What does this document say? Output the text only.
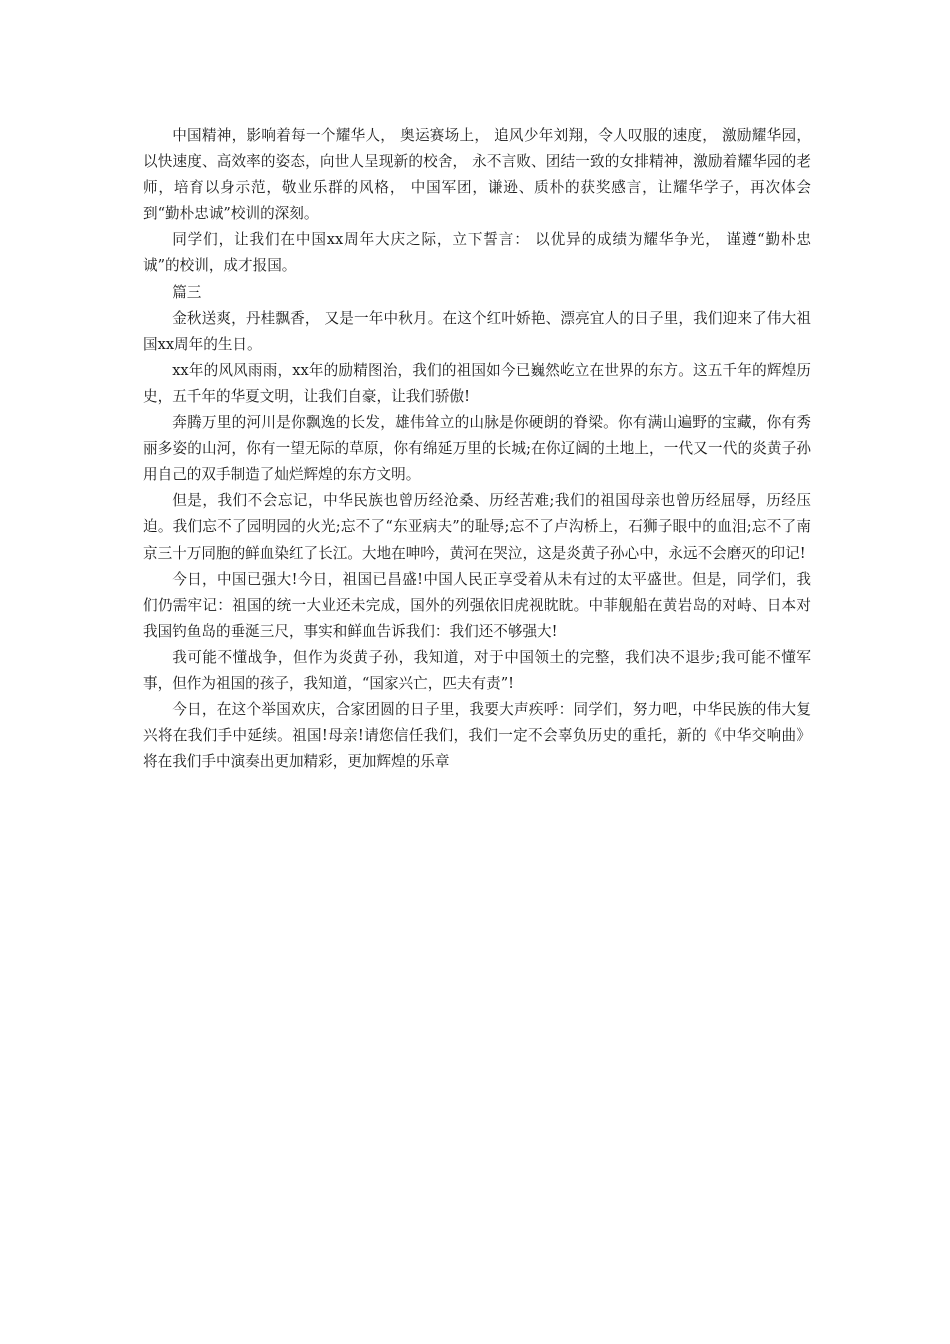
中国精神，影响着每一个耀华人， 奥运赛场上， 追风少年刘翔，令人叹服的速度， 激励耀华园，以快速度、高效率的姿态，向世人呈现新的校舍， 永不言败、团结一致的女排精神，激励着耀华园的老师，培育以身示范，敬业乐群的风格， 中国军团，谦逊、质朴的获奖感言，让耀华学子，再次体会到“勤朴忠诚”校训的深刻。

同学们，让我们在中国xx周年大庆之际，立下誓言： 以优异的成绩为耀华争光， 谨遵“勤朴忠诚”的校训，成才报国。

篇三

金秋送爽，丹桂飘香， 又是一年中秋月。在这个红叶娇艳、漂亮宜人的日子里，我们迎来了伟大祖国xx周年的生日。

xx年的风风雨雨，xx年的励精图治，我们的祖国如今已巍然屹立在世界的东方。这五千年的辉煌历史，五千年的华夏文明，让我们自豪，让我们骄傲!

奔腾万里的河川是你飘逸的长发，雄伟耸立的山脉是你硬朗的脊梁。你有满山遍野的宝藏，你有秀丽多姿的山河，你有一望无际的草原，你有绵延万里的长城;在你辽阔的土地上，一代又一代的炎黄子孙用自己的双手制造了灿烂辉煌的东方文明。

但是，我们不会忘记，中华民族也曾历经沧桑、历经苦难;我们的祖国母亲也曾历经屈辱，历经压迫。我们忘不了园明园的火光;忘不了“东亚病夫”的耻辱;忘不了卢沟桥上，石狮子眼中的血泪;忘不了南京三十万同胞的鲜血染红了长江。大地在呻吟，黄河在哭泣，这是炎黄子孙心中，永远不会磨灭的印记!

今日，中国已强大!今日，祖国已昌盛!中国人民正享受着从未有过的太平盛世。但是，同学们，我们仍需牢记：祖国的统一大业还未完成，国外的列强依旧虎视眈眈。中菲舰船在黄岩岛的对峙、日本对我国钓鱼岛的垂涎三尺，事实和鲜血告诉我们：我们还不够强大!

我可能不懂战争，但作为炎黄子孙，我知道，对于中国领土的完整，我们决不退步;我可能不懂军事，但作为祖国的孩子，我知道，“国家兴亡，匹夫有责”!

今日，在这个举国欢庆，合家团圆的日子里，我要大声疾呼：同学们，努力吧，中华民族的伟大复兴将在我们手中延续。祖国!母亲!请您信任我们，我们一定不会辜负历史的重托，新的《中华交响曲》将在我们手中演奏出更加精彩，更加辉煌的乐章
